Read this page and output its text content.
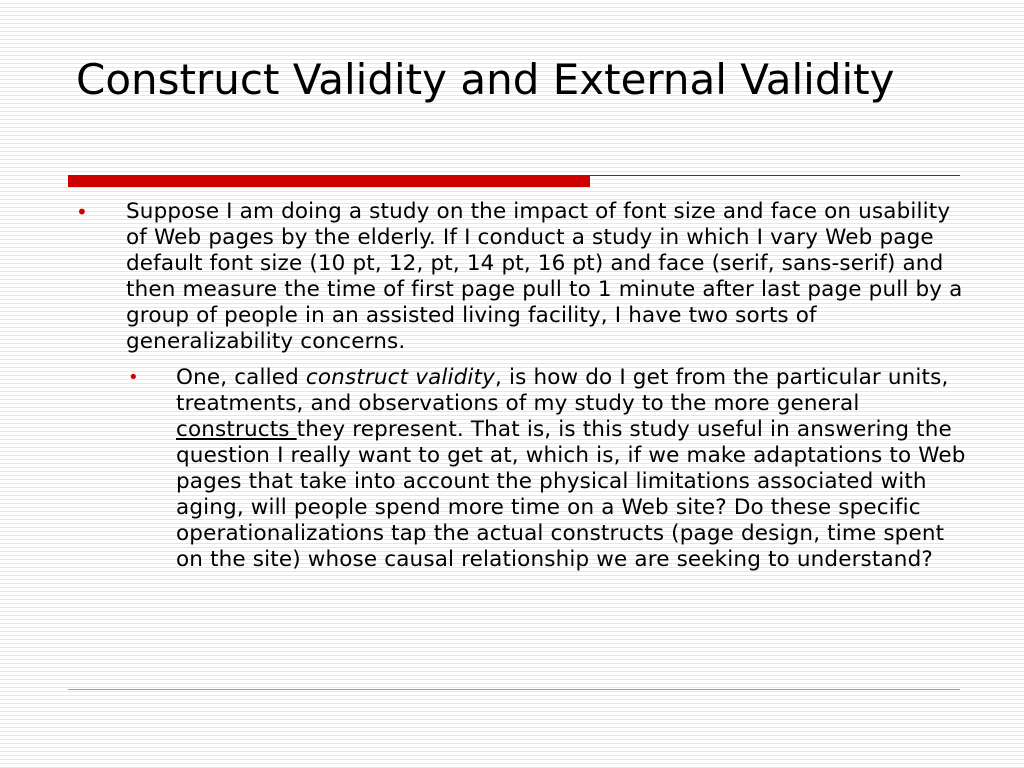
Construct Validity and External Validity
• Suppose I am doing a study on the impact of font size and face on usability of Web pages by the elderly. If I conduct a study in which I vary Web page default font size (10 pt, 12, pt, 14 pt, 16 pt) and face (serif, sans-serif) and then measure the time of first page pull to 1 minute after last page pull by a group of people in an assisted living facility, I have two sorts of generalizability concerns.
• One, called construct validity, is how do I get from the particular units, treatments, and observations of my study to the more general constructs they represent. That is, is this study useful in answering the question I really want to get at, which is, if we make adaptations to Web pages that take into account the physical limitations associated with aging, will people spend more time on a Web site? Do these specific operationalizations tap the actual constructs (page design, time spent on the site) whose causal relationship we are seeking to understand?
